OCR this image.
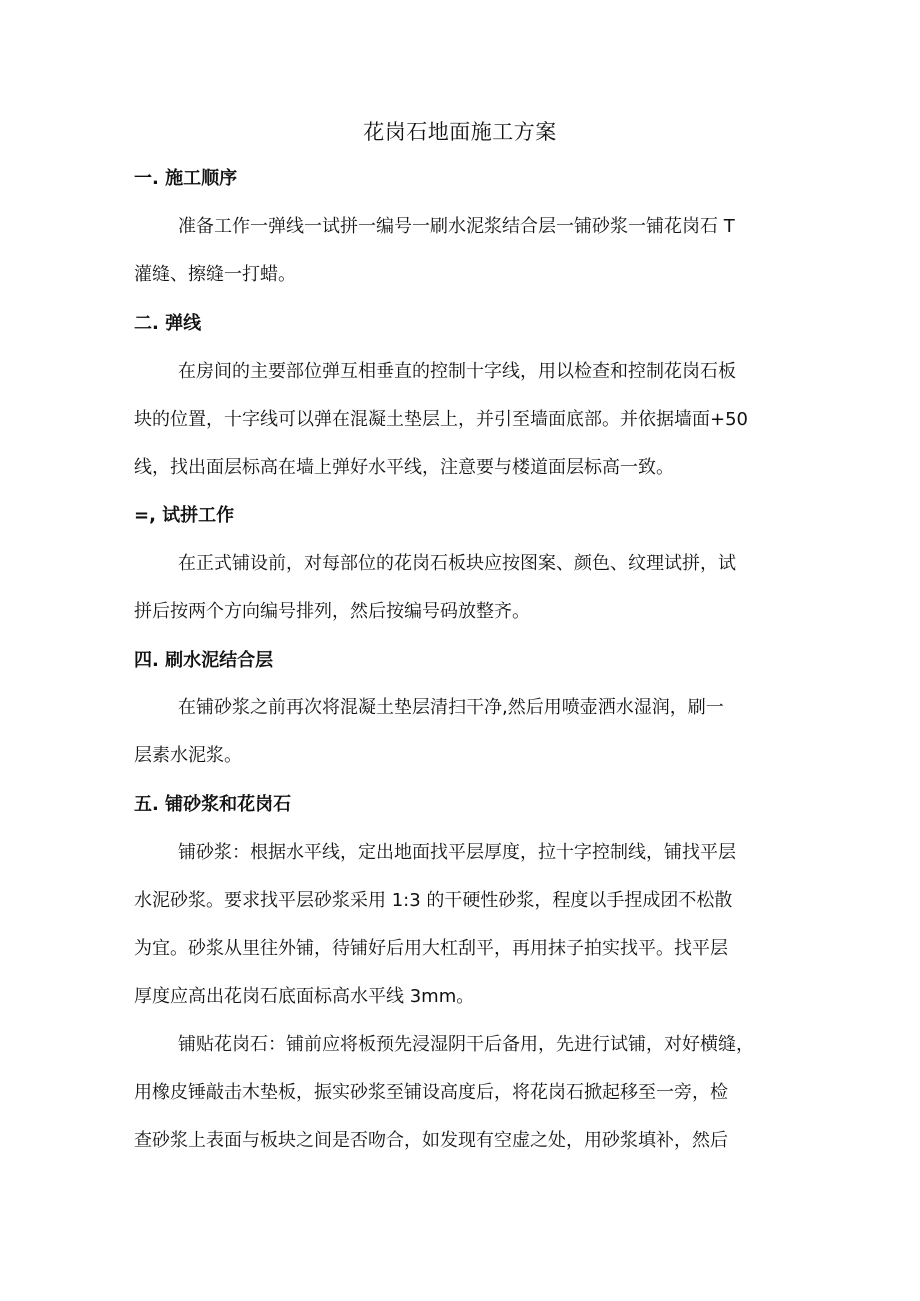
花岗石地面施工方案
一. 施工顺序

准备工作一弹线一试拼一编号一刷水泥浆结合层一铺砂浆一铺花岗石 T

灌缝、擦缝一打蜡。

二. 弹线

在房间的主要部位弹互相垂直的控制十字线，用以检查和控制花岗石板

块的位置，十字线可以弹在混凝土垫层上，并引至墙面底部。并依据墙面+50

线，找出面层标高在墙上弹好水平线，注意要与楼道面层标高一致。

=, 试拼工作

在正式铺设前，对每部位的花岗石板块应按图案、颜色、纹理试拼，试

拼后按两个方向编号排列，然后按编号码放整齐。

四. 刷水泥结合层

在铺砂浆之前再次将混凝土垫层清扫干净,然后用喷壶洒水湿润，刷一

层素水泥浆。

五. 铺砂浆和花岗石

铺砂浆：根据水平线，定出地面找平层厚度，拉十字控制线，铺找平层

水泥砂浆。要求找平层砂浆采用 1:3 的干硬性砂浆，程度以手捏成团不松散

为宜。砂浆从里往外铺，待铺好后用大杠刮平，再用抹子拍实找平。找平层

厚度应高出花岗石底面标高水平线 3mm。

铺贴花岗石：铺前应将板预先浸湿阴干后备用，先进行试铺，对好横缝，

用橡皮锤敲击木垫板，振实砂浆至铺设高度后，将花岗石掀起移至一旁，检

查砂浆上表面与板块之间是否吻合，如发现有空虚之处，用砂浆填补，然后
